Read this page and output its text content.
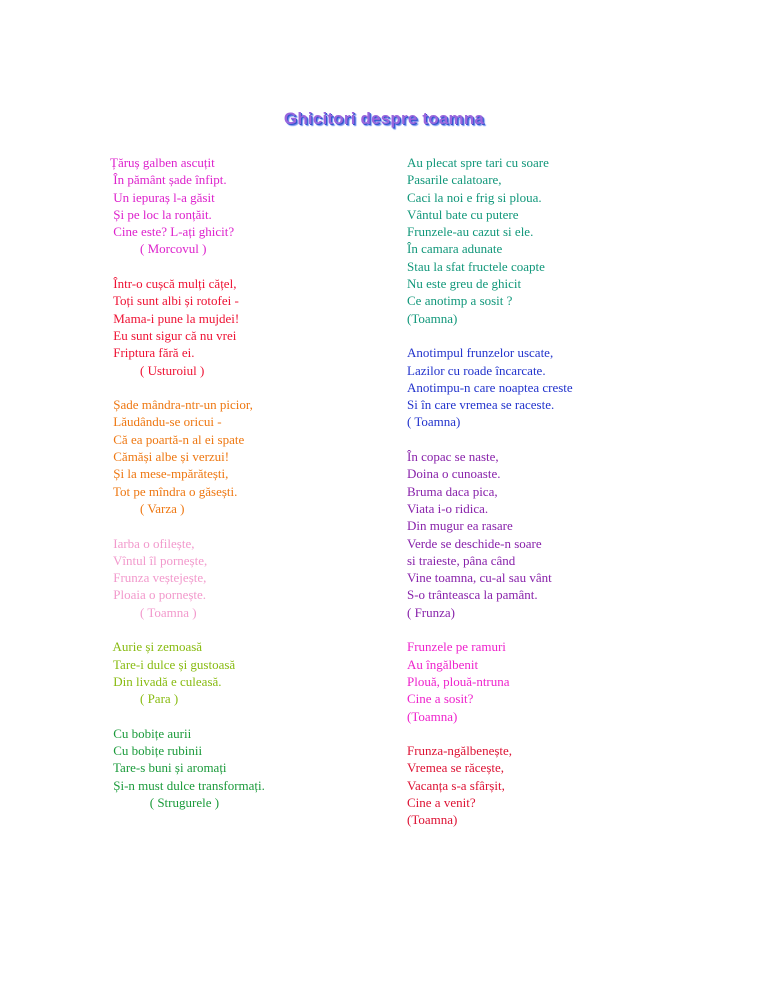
Ghicitori despre toamna
Țăruș galben ascuțit
În pământ șade înfipt.
Un iepuraș l-a găsit
Și pe loc la ronțăit.
Cine este? L-ați ghicit?
( Morcovul )
Într-o cușcă mulți cățel,
Toți sunt albi și rotofei -
Mama-i pune la mujdei!
Eu sunt sigur că nu vrei
Friptura fără ei.
( Usturoiul )
Șade mândra-ntr-un picior,
Lăudându-se oricui -
Că ea poartă-n al ei spate
Cămăși albe și verzui!
Și la mese-mpărătești,
Tot pe mîndra o găsești.
( Varza )
Iarba o ofilește,
Vîntul îl pornește,
Frunza veștejește,
Ploaia o pornește.
( Toamna )
Aurie și zemoasă
Tare-i dulce și gustoasă
Din livadă e culeasă.
( Para )
Cu bobițe aurii
Cu bobițe rubinii
Tare-s buni și aromați
Și-n must dulce transformați.
( Strugurele )
Au plecat spre tari cu soare
Pasarile calatoare,
Caci la noi e frig si ploua.
Vântul bate cu putere
Frunzele-au cazut si ele.
În camara adunate
Stau la sfat fructele coapte
Nu este greu de ghicit
Ce anotimp a sosit ?
(Toamna)
Anotimpul frunzelor uscate,
Lazilor cu roade încarcate.
Anotimpu-n care noaptea creste
Si în care vremea se raceste.
( Toamna)
În copac se naste,
Doina o cunoaste.
Bruma daca pica,
Viata i-o ridica.
Din mugur ea rasare
Verde se deschide-n soare
si traieste, pâna când
Vine toamna, cu-al sau vânt
S-o trânteasca la pamânt.
( Frunza)
Frunzele pe ramuri
Au îngălbenit
Plouă, plouă-ntruna
Cine a sosit?
(Toamna)
Frunza-ngălbenește,
Vremea se răcește,
Vacanța s-a sfârșit,
Cine a venit?
(Toamna)
